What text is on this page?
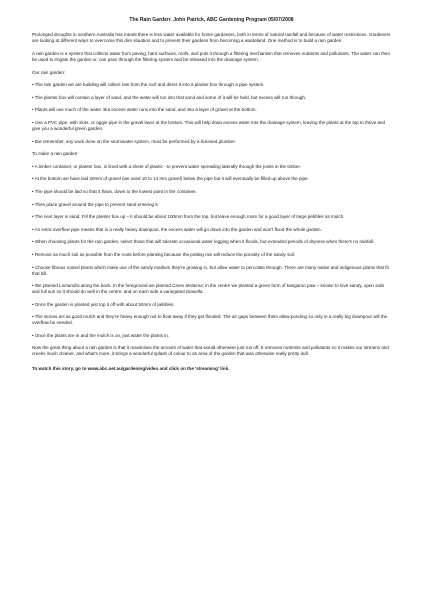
The Rain Garden: John Patrick, ABC Gardening Program 05/07/2008

Prolonged droughts in southern Australia has meant there is less water available for home gardeners, both in terms of natural rainfall and because of water restrictions. Gardeners are looking at different ways to overcome this dire situation and to prevent their gardens from becoming a wasteland. One method is to build a rain garden.

A rain garden is a system that collects water from paving, hard surfaces, roofs, and puts it through a filtering mechanism that removes nutrients and pollutants. The water can then be used to irrigate the garden or, can pass through the filtering system and be released into the drainage system.

Our rain garden:

• The rain garden we are building will collect rain from the roof and direct it into a planter box through a pipe system.

• The planter box will contain a layer of sand, and the water will run into that sand and some of it will be held, but excess will run through.

• Plants will use much of the water. But excess water runs into the sand, and into a layer of gravel at the bottom.

• Use a PVC pipe, with slots, or aggie pipe in the gravel layer at the bottom. This will help drain excess water into the drainage system, leaving the plants at the top to thrive and give you a wonderful green garden.

• But remember, any work done on the stormwater system, must be performed by a licensed plumber.

To make a rain garden:

• A timber container, or planter box, is lined with a sheet of plastic - to prevent water spreading laterally through the joints in the timber.

• At the bottom we have laid 20mm of gravel (we used 10 to 14 mm gravel) below the pipe but it will eventually be filled up above the pipe.

• The pipe should be laid so that it flows, down to the lowest point in the container.

• Then place gravel around the pipe to prevent sand entering it.

• The next layer is sand. Fill the planter box up – it should be about 100mm from the top, but leave enough room for a good layer of large pebbles as mulch.

• An extra overflow pipe means that in a really heavy downpour, the excess water will go down into the garden and won't flood the whole garden.

• When choosing plants for the rain garden, select those that will tolerate occasional water logging when it floods, but extended periods of dryness when there's no rainfall.

• Remove as much soil as possible from the roots before planting because the potting mix will reduce the porosity of the sandy soil.

• Choose fibrous rooted plants which make use of the sandy medium they're growing in, but allow water to percolate through. There are many native and indigenous plants that fit that bill.

• We planted Lomandra along the back. In the foreground we planted Carex testacea; in the centre we planted a green form of kangaroo paw – known to love sandy, open soils and full sun so it should do well in the centre; and on each side a variegated Dianella.

• Once the garden is planted just top it off with about 50mm of pebbles.

• The stones act as good mulch and they're heavy enough not to float away if they get flooded. The air gaps between them allow ponding so only in a really big downpour will the overflow be needed.

• Once the plants are in and the mulch is on, just water the plants in.

Now the great thing about a rain garden is that it maximises the amount of water that would otherwise just run off. It removes nutrients and pollutants so it makes our streams and creeks much cleaner, and what's more, it brings a wonderful splash of colour to an area of the garden that was otherwise really pretty dull.

To watch this story, go to www.abc.net.au/gardening/video and click on the 'streaming' link.
